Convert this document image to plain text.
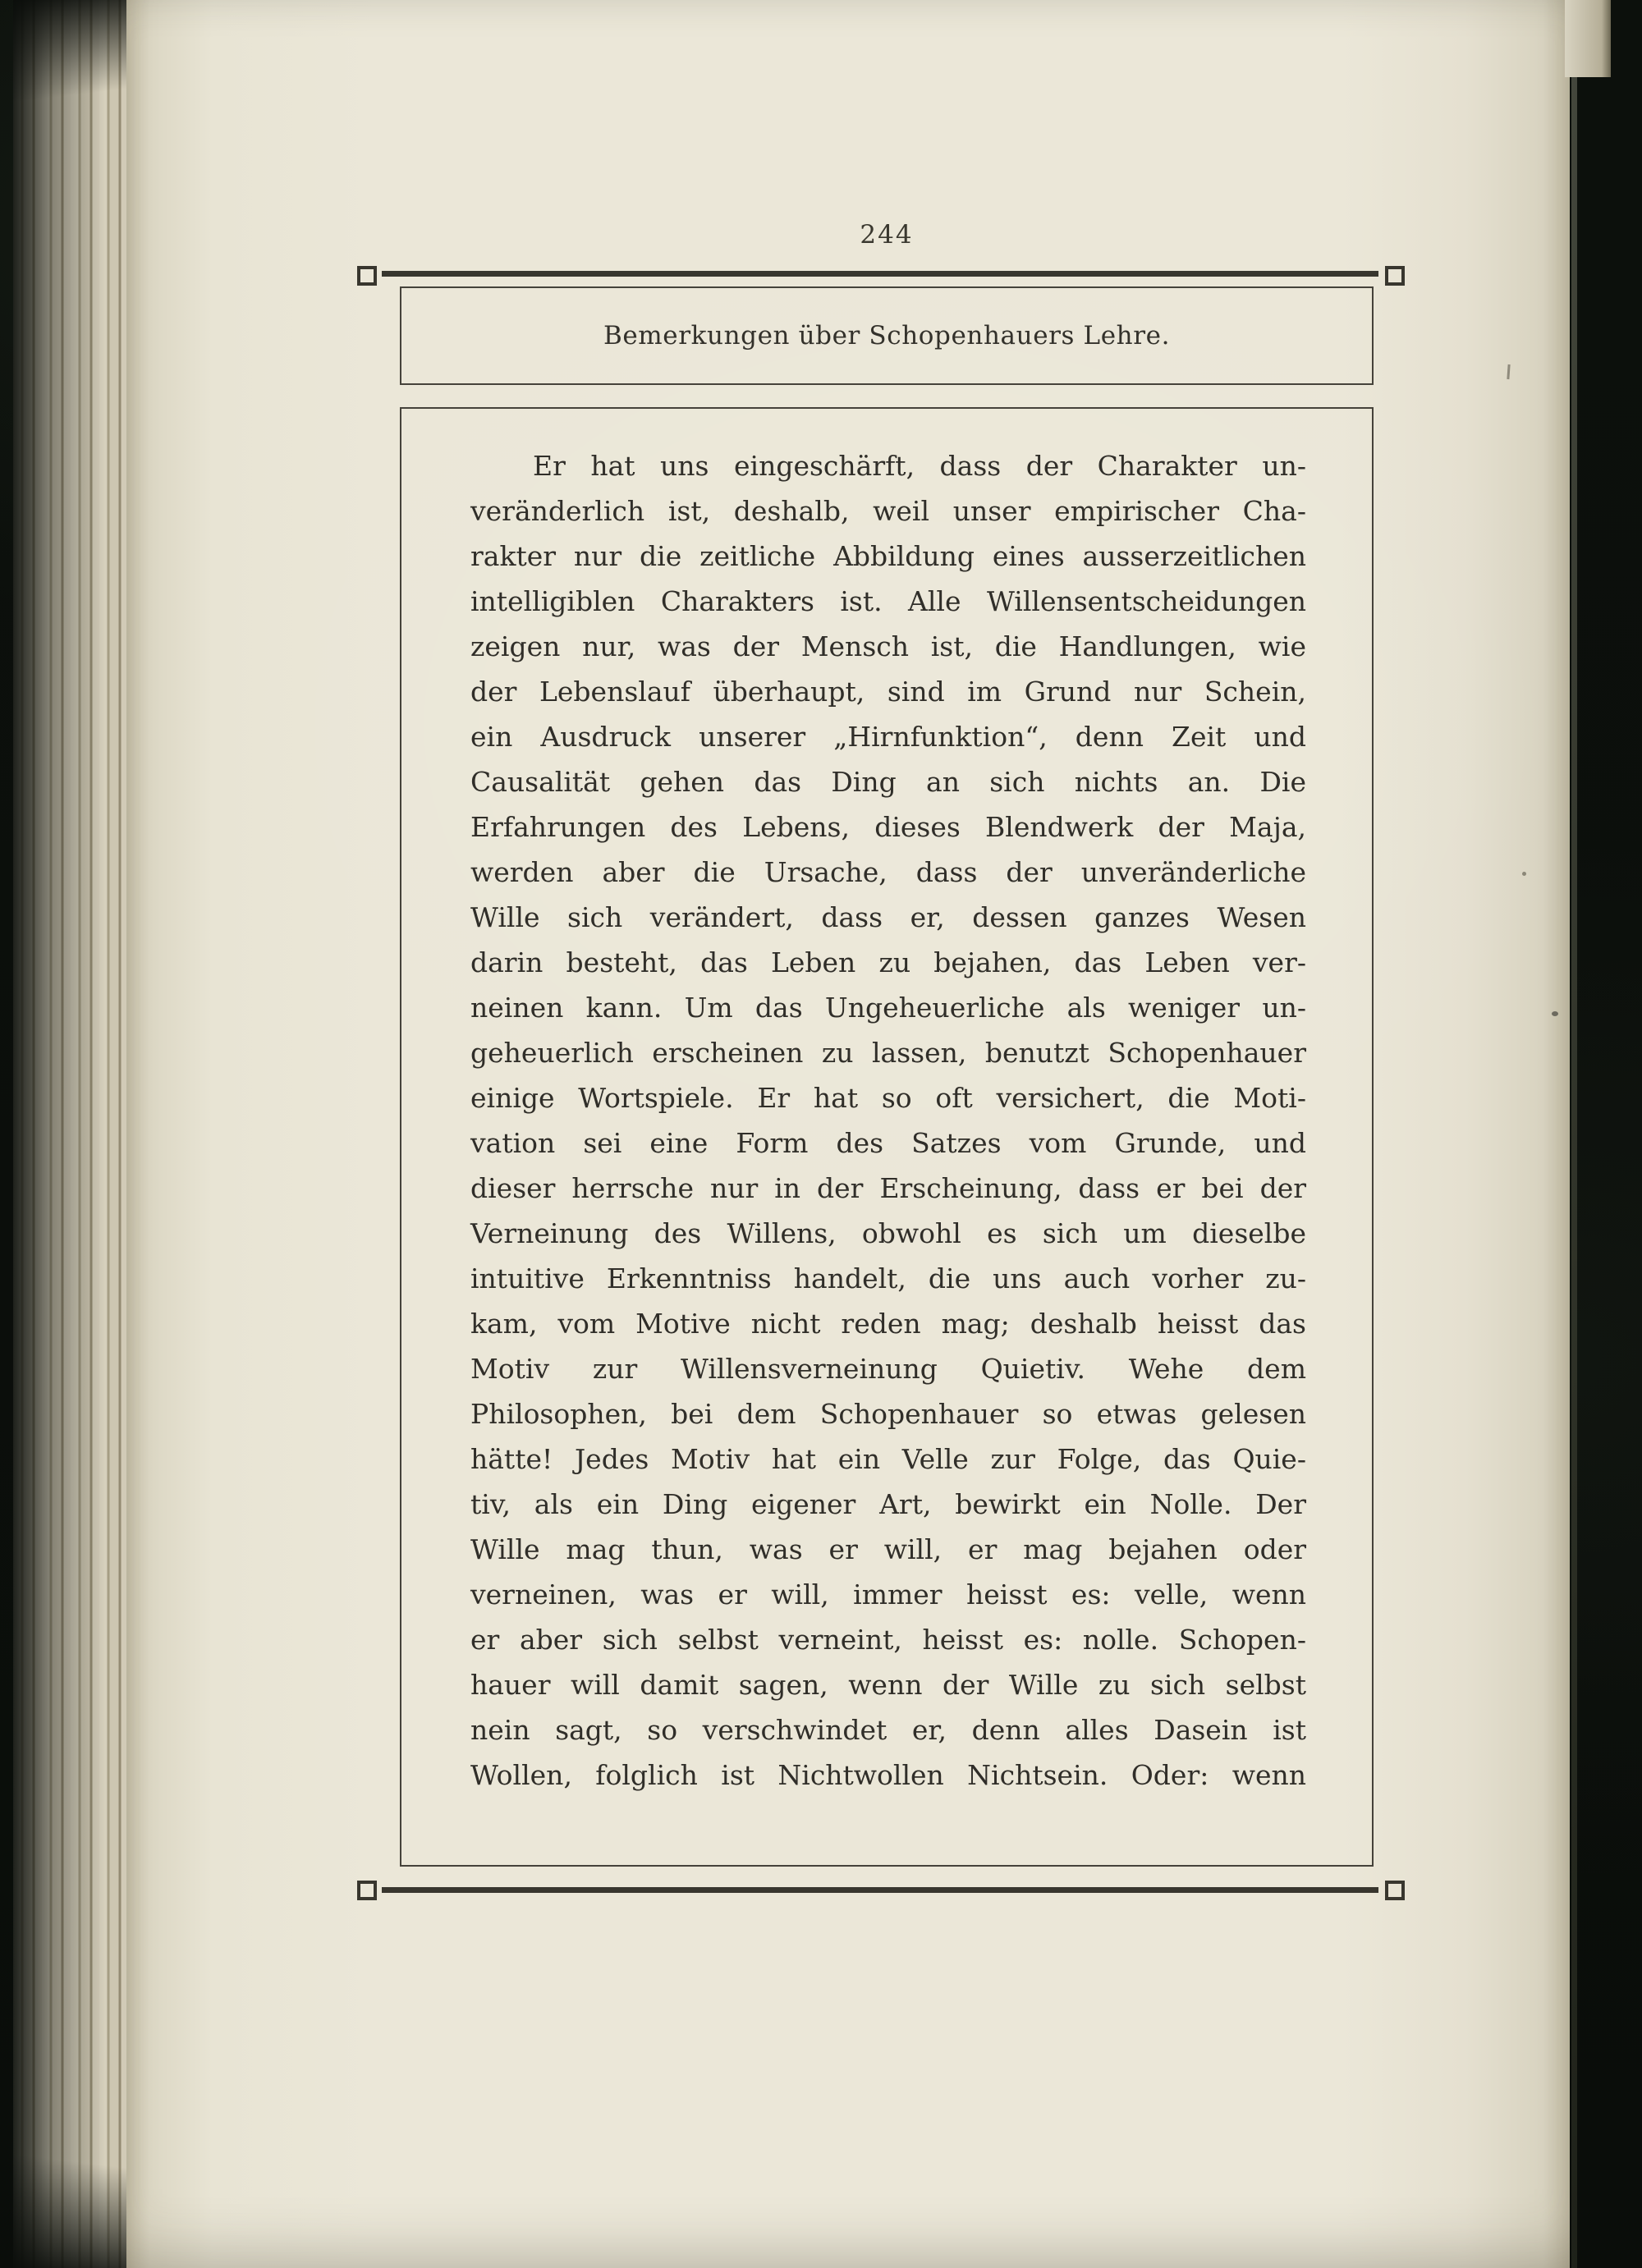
244
Bemerkungen über Schopenhauers Lehre.
Er hat uns eingeschärft, dass der Charakter un-
veränderlich ist, deshalb, weil unser empirischer Cha-
rakter nur die zeitliche Abbildung eines ausserzeitlichen
intelligiblen Charakters ist. Alle Willensentscheidungen
zeigen nur, was der Mensch ist, die Handlungen, wie
der Lebenslauf überhaupt, sind im Grund nur Schein,
ein Ausdruck unserer „Hirnfunktion“, denn Zeit und
Causalität gehen das Ding an sich nichts an. Die
Erfahrungen des Lebens, dieses Blendwerk der Maja,
werden aber die Ursache, dass der unveränderliche
Wille sich verändert, dass er, dessen ganzes Wesen
darin besteht, das Leben zu bejahen, das Leben ver-
neinen kann. Um das Ungeheuerliche als weniger un-
geheuerlich erscheinen zu lassen, benutzt Schopenhauer
einige Wortspiele. Er hat so oft versichert, die Moti-
vation sei eine Form des Satzes vom Grunde, und
dieser herrsche nur in der Erscheinung, dass er bei der
Verneinung des Willens, obwohl es sich um dieselbe
intuitive Erkenntniss handelt, die uns auch vorher zu-
kam, vom Motive nicht reden mag; deshalb heisst das
Motiv zur Willensverneinung Quietiv. Wehe dem
Philosophen, bei dem Schopenhauer so etwas gelesen
hätte! Jedes Motiv hat ein Velle zur Folge, das Quie-
tiv, als ein Ding eigener Art, bewirkt ein Nolle. Der
Wille mag thun, was er will, er mag bejahen oder
verneinen, was er will, immer heisst es: velle, wenn
er aber sich selbst verneint, heisst es: nolle. Schopen-
hauer will damit sagen, wenn der Wille zu sich selbst
nein sagt, so verschwindet er, denn alles Dasein ist
Wollen, folglich ist Nichtwollen Nichtsein. Oder: wenn
